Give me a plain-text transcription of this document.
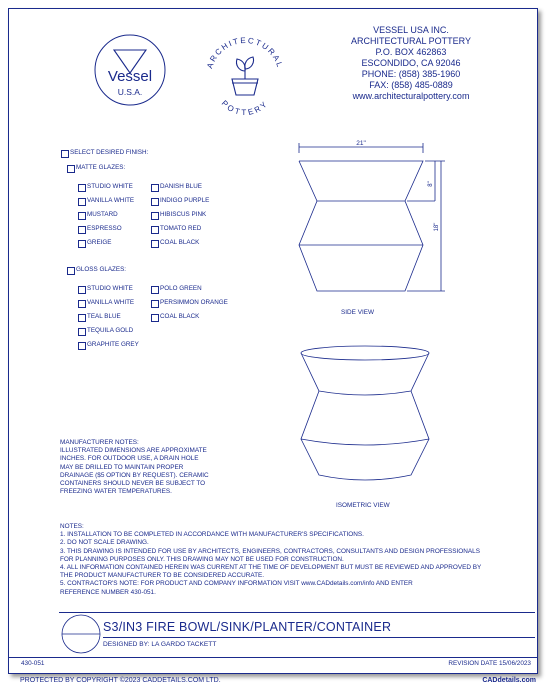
Vessel
U.S.A.
ARCHITECTURAL
POTTERY
VESSEL USA INC.
ARCHITECTURAL POTTERY
P.O. BOX 462863
ESCONDIDO, CA 92046
PHONE: (858) 385-1960
FAX: (858) 485-0889
www.architecturalpottery.com
SELECT DESIRED FINISH:
MATTE GLAZES:
STUDIO WHITE
VANILLA WHITE
MUSTARD
ESPRESSO
GREIGE
DANISH BLUE
INDIGO PURPLE
HIBISCUS PINK
TOMATO RED
COAL BLACK
GLOSS GLAZES:
STUDIO WHITE
VANILLA WHITE
TEAL BLUE
TEQUILA GOLD
GRAPHITE GREY
POLO GREEN
PERSIMMON ORANGE
COAL BLACK
21"
8"
18"
SIDE VIEW
ISOMETRIC VIEW
MANUFACTURER NOTES:
ILLUSTRATED DIMENSIONS ARE APPROXIMATE
INCHES. FOR OUTDOOR USE, A DRAIN HOLE
MAY BE DRILLED TO MAINTAIN PROPER
DRAINAGE ($5 OPTION BY REQUEST). CERAMIC
CONTAINERS SHOULD NEVER BE SUBJECT TO
FREEZING WATER TEMPERATURES.
NOTES:
1. INSTALLATION TO BE COMPLETED IN ACCORDANCE WITH MANUFACTURER'S SPECIFICATIONS.
2. DO NOT SCALE DRAWING.
3. THIS DRAWING IS INTENDED FOR USE BY ARCHITECTS, ENGINEERS, CONTRACTORS, CONSULTANTS AND DESIGN PROFESSIONALS
FOR PLANNING PURPOSES ONLY. THIS DRAWING MAY NOT BE USED FOR CONSTRUCTION.
4. ALL INFORMATION CONTAINED HEREIN WAS CURRENT AT THE TIME OF DEVELOPMENT BUT MUST BE REVIEWED AND APPROVED BY
THE PRODUCT MANUFACTURER TO BE CONSIDERED ACCURATE.
5. CONTRACTOR'S NOTE: FOR PRODUCT AND COMPANY INFORMATION VISIT www.CADdetails.com/info AND ENTER
REFERENCE NUMBER 430-051.
S3/IN3 FIRE BOWL/SINK/PLANTER/CONTAINER
DESIGNED BY: LA GARDO TACKETT
430-051	REVISION DATE 15/06/2023
PROTECTED BY COPYRIGHT ©2023 CADDETAILS.COM LTD.	CADdetails.com
